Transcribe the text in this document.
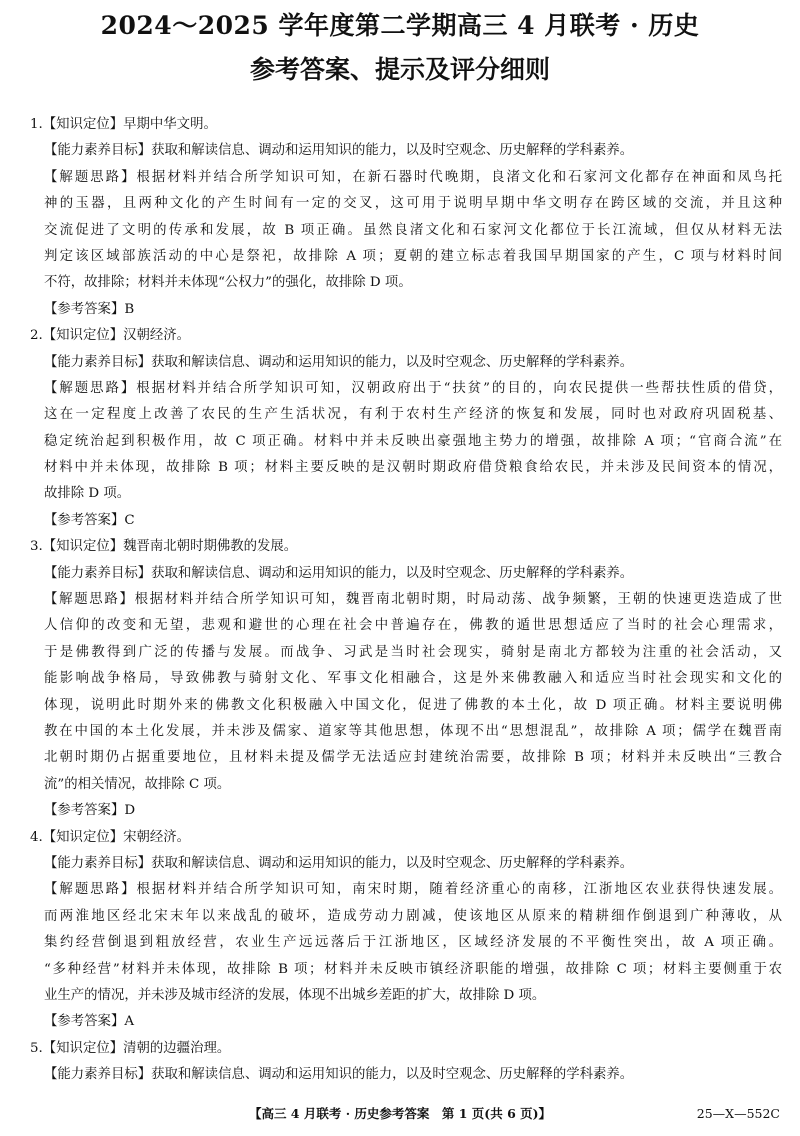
2024～2025 学年度第二学期高三 4 月联考 · 历史
参考答案、提示及评分细则
1.【知识定位】早期中华文明。
【能力素养目标】获取和解读信息、调动和运用知识的能力，以及时空观念、历史解释的学科素养。
【解题思路】根据材料并结合所学知识可知，在新石器时代晚期，良渚文化和石家河文化都存在神面和凤鸟托
神的玉器，且两种文化的产生时间有一定的交叉，这可用于说明早期中华文明存在跨区域的交流，并且这种
交流促进了文明的传承和发展，故 B 项正确。虽然良渚文化和石家河文化都位于长江流域，但仅从材料无法
判定该区域部族活动的中心是祭祀，故排除 A 项；夏朝的建立标志着我国早期国家的产生，C 项与材料时间
不符，故排除；材料并未体现“公权力”的强化，故排除 D 项。
【参考答案】B
2.【知识定位】汉朝经济。
【能力素养目标】获取和解读信息、调动和运用知识的能力，以及时空观念、历史解释的学科素养。
【解题思路】根据材料并结合所学知识可知，汉朝政府出于“扶贫”的目的，向农民提供一些帮扶性质的借贷，
这在一定程度上改善了农民的生产生活状况，有利于农村生产经济的恢复和发展，同时也对政府巩固税基、
稳定统治起到积极作用，故 C 项正确。材料中并未反映出豪强地主势力的增强，故排除 A 项；“官商合流”在
材料中并未体现，故排除 B 项；材料主要反映的是汉朝时期政府借贷粮食给农民，并未涉及民间资本的情况，
故排除 D 项。
【参考答案】C
3.【知识定位】魏晋南北朝时期佛教的发展。
【能力素养目标】获取和解读信息、调动和运用知识的能力，以及时空观念、历史解释的学科素养。
【解题思路】根据材料并结合所学知识可知，魏晋南北朝时期，时局动荡、战争频繁，王朝的快速更迭造成了世
人信仰的改变和无望，悲观和避世的心理在社会中普遍存在，佛教的遁世思想适应了当时的社会心理需求，
于是佛教得到广泛的传播与发展。而战争、习武是当时社会现实，骑射是南北方都较为注重的社会活动，又
能影响战争格局，导致佛教与骑射文化、军事文化相融合，这是外来佛教融入和适应当时社会现实和文化的
体现，说明此时期外来的佛教文化积极融入中国文化，促进了佛教的本土化，故 D 项正确。材料主要说明佛
教在中国的本土化发展，并未涉及儒家、道家等其他思想，体现不出“思想混乱”，故排除 A 项；儒学在魏晋南
北朝时期仍占据重要地位，且材料未提及儒学无法适应封建统治需要，故排除 B 项；材料并未反映出“三教合
流”的相关情况，故排除 C 项。
【参考答案】D
4.【知识定位】宋朝经济。
【能力素养目标】获取和解读信息、调动和运用知识的能力，以及时空观念、历史解释的学科素养。
【解题思路】根据材料并结合所学知识可知，南宋时期，随着经济重心的南移，江浙地区农业获得快速发展。
而两淮地区经北宋末年以来战乱的破坏，造成劳动力剧减，使该地区从原来的精耕细作倒退到广种薄收，从
集约经营倒退到粗放经营，农业生产远远落后于江浙地区，区域经济发展的不平衡性突出，故 A 项正确。
“多种经营”材料并未体现，故排除 B 项；材料并未反映市镇经济职能的增强，故排除 C 项；材料主要侧重于农
业生产的情况，并未涉及城市经济的发展，体现不出城乡差距的扩大，故排除 D 项。
【参考答案】A
5.【知识定位】清朝的边疆治理。
【能力素养目标】获取和解读信息、调动和运用知识的能力，以及时空观念、历史解释的学科素养。
【高三 4 月联考 · 历史参考答案　第 1 页(共 6 页)】	25—X—552C
